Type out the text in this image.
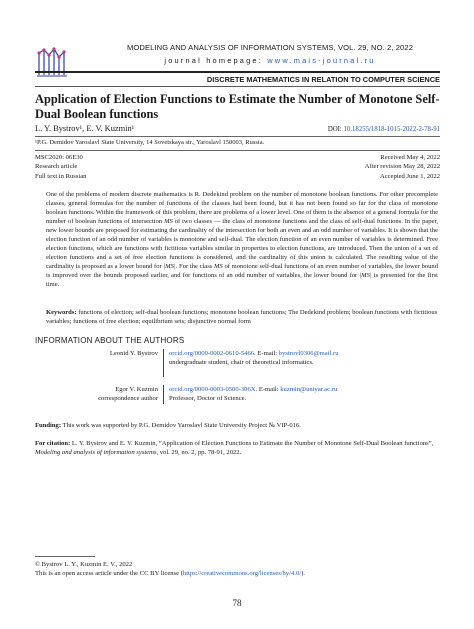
MODELING AND ANALYSIS OF INFORMATION SYSTEMS, VOL. 29, NO. 2, 2022
journal homepage: www.mais-journal.ru
DISCRETE MATHEMATICS IN RELATION TO COMPUTER SCIENCE
Application of Election Functions to Estimate the Number of Monotone Self-Dual Boolean functions
L. Y. Bystrov¹, E. V. Kuzmin¹	DOI: 10.18255/1818-1015-2022-2-78-91
¹P.G. Demidov Yaroslavl State University, 14 Sovetskaya str., Yaroslavl 150003, Russia.
MSC2020: 06E30
Research article
Full text in Russian
Received May 4, 2022
After revision May 28, 2022
Accepted June 1, 2022
One of the problems of modern discrete mathematics is R. Dedekind problem on the number of monotone boolean functions. For other precomplete classes, general formulas for the number of functions of the classes had been found, but it has not been found so far for the class of monotone boolean functions. Within the framework of this problem, there are problems of a lower level. One of them is the absence of a general formula for the number of boolean functions of intersection MS of two classes — the class of monotone functions and the class of self-dual functions. In the paper, new lower bounds are proposed for estimating the cardinality of the intersection for both an even and an odd number of variables. It is shown that the election function of an odd number of variables is monotone and self-dual. The election function of an even number of variables is determined. Free election functions, which are functions with fictitious variables similar in properties to election functions, are introduced. Then the union of a set of election functions and a set of free election functions is considered, and the cardinality of this union is calculated. The resulting value of the cardinality is proposed as a lower bound for |MS|. For the class MS of monotone self-dual functions of an even number of variables, the lower bound is improved over the bounds proposed earlier, and for functions of an odd number of variables, the lower bound for |MS| is presented for the first time.
Keywords: functions of election; self-dual boolean functions; monotone boolean functions; The Dedekind problem; boolean functions with fictitious variables; functions of free election; equilibrium sets; disjunctive normal form
INFORMATION ABOUT THE AUTHORS
Leonid Y. Bystrov orcid.org/0000-0002-0610-5466. E-mail: bystrovl0306@mail.ru
undergraduate student, chair of theoretical informatics.
Egor V. Kuzmin
correspondence author
orcid.org/0000-0003-0500-306X. E-mail: kuzmin@uniyar.ac.ru
Professor, Doctor of Science.
Funding: This work was supported by P.G. Demidov Yaroslavl State University Project № VIP-016.
For citation: L. Y. Bystrov and E. V. Kuzmin, “Application of Election Functions to Estimate the Number of Monotone Self-Dual Boolean functions”, Modeling and analysis of information systems, vol. 29, no. 2, pp. 78-91, 2022.
© Bystrov L. Y., Kuzmin E. V., 2022
This is an open access article under the CC BY license (https://creativecommons.org/licenses/by/4.0/).
78
